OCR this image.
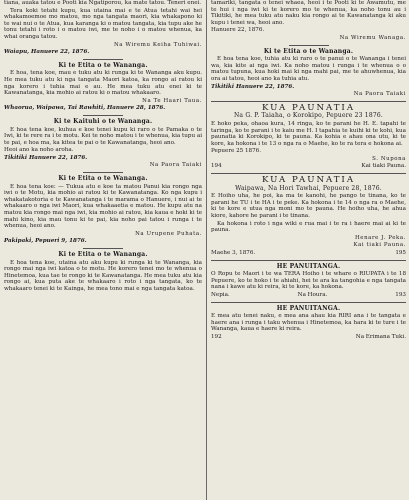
tiana, auaka tatou e Pooti kia Ngatiporou, ka mate tatou. Teneri enei.

Tera koki tetahi kupu, kua utaina mai e te Atua tetahi wai hei whakamoemoe mo matou, mo nga tangata maori, kia whakapono ki te wai nui o te Atua, kua karanga ki o matou tangata, kia tupu ake he tonu tetahi i roto i o matou iwi, me te noho i o matou whenua, ka whai oranga tatou.

Na Wiremu Keiha Tuhiwai.
Waiapu, Hanuere 22, 1876.
Ki te Etita o te Wananga.

E hoa, tena koe, mau e tuku atu ki runga ki te Wananga aku kupu. He mea tuku atu ki nga tangata Maori katoa, ka rongo ai ratou ki nga korero i tuhia mai e au. He mea tuku atu enei ki te Kawanatanga, kia mohio ai ratou ki o matou whakaaro.

Na Te Haari Taua.
Whaorua, Waipawa, Tai Rawhiti, Hanuere 28, 1876.
Ki te Kaituhi o te Wananga.

E hoa tena koe, kuhua e koe tenei kupu ki raro o te Pamaka o te Iwi, ki te rere ra i te motu. Kei te noho matou i te whenua, kia tupu ai te pai, e hoa ma, ka kitea te pai o te Kawanatanga, heoi ano.

Heoi ano ka noho aroha.
Tikitiki Hanuere 22, 1876.
Na Paora Taiaki
Ki te Etita o te Wananga.

E hoa tena koe: — Tukua atu e koe ta matou Panui kia rongo nga iwi o te Motu, kia mohio ai ratou ki te Kawanatanga. Ko nga kupu i whakatakotoria e te Kawanatanga i te marama o Hanuere, i nui ai te whakaaro o nga iwi Maori, kua whakaaetia e matou. He kupu atu na matou kia rongo mai nga iwi, kia mohio ai ratou, kia kaua e hoki ki te mahi kino, kia mau tonu ki te pai, kia noho pai tatou i runga i te whenua, heoi ano.

Na Urupene Puhata.
Pakipaki, Pepueri 9, 1876.
Ki te Etita o te Wananga.

E hoa tena koe, utaina atu aku kupu ki runga ki te Wananga, kia rongo mai nga iwi katoa o te motu. He korero tenei mo te whenua o Hinetemoa, kua tae te rongo ki te Kawanatanga. He mea tuku atu kia rongo ai, kua puta ake te whakaaro i roto i nga tangata, ko te whakaaro tenei ki te Kainga, he mea tono mai e nga tangata katoa.

tamariki, tangata o tenei whaea, heoi i te Pooti ki te Awamutu, me te hui i nga iwi ki te korero mo te whenua, ka noho tonu au i Tikitiki, he mea tuku atu naku kia rongo ai te Kawanatanga ki aku kupu i tenei wa, heoi ano.

Hanuere 22, 1876.
Na Wiremu Wanaga.
Ki te Etita o te Wananga.

E hoa tena koe, tuhia atu ki raro o te panui o te Wananga i tenei wa, kia kite ai nga iwi. Ka noho matou i runga i te whenua o o matou tupuna, kua hoki mai ki nga mahi pai, me te ahuwhenua, kia ora ai tatou, heoi ano ka tuhia atu.

Tikitiki Hanuere 22, 1876.
Na Paora Taiaki
KUA PAUNATIA
Na G. P. Taiaha, o Korokipo, Pepuere 23 1876.

E hoko peka, ohaoa kura, 14 ringa, ko te parani he H. E. tapahi te taringa, ko te parani i te kaiu me H. I tapahia te kuihi ki te kohi, kua paunatia ki Korokipo, ki te pauna. Ka kohia e ahau ona utu, ki te kore, ka hokona i te 13 o nga ra o Maehe, ko te ra tera e hokona ai.

Pepuere 25 1876.
S. Nupona
194	Kai tiaki Pauna.
KUA PAUNATIA
Waipawa, Na Hori Tawhai, Pepuere 28, 1876.

E Hoiho uha, he poi, ka ma te kanohi, he pango te tinana, ko te parani he TU i te HA i te peke. Ka hokona i te 14 o nga ra o Maehe, ki te kore e utua nga moni mo te pauna. He hoiho uha, he ahua kiore, kahore he parani i te tinana.

Ka hokona i roto i nga wiki e rua mai i te ra i haere mai ai ki te pauna.

Henare J. Peka.
Kai tiaki Pauna.
Maehe 3, 1876.	195
HE PANUITANGA.

O Ropu te Maori i te wa TERA Hoiho i te whare o RIUPATA i te 18 Pepuere, ko te hoko i te ahiahi, hei te ara ka tangohia e nga tangata nana i kawe atu ki reira, ki te kore, ka hokona.

Nepia.	Na Houra.	193
HE PANUITANGA.

E mea atu tenei naku, e mea ana ahau kia RIRI ana i te tangata e haere ana i runga i taku whenua i Hinetemoa, ka hara ki te ture i te Wananga, kaua e haere ki reira.

192	Na Erimana Tuki.
